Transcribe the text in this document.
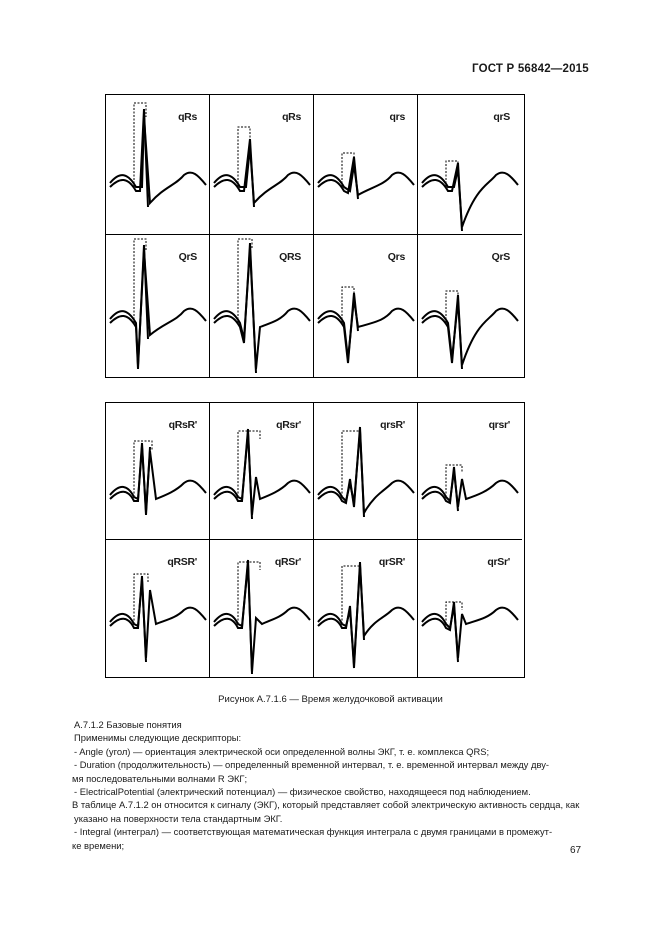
ГОСТ Р 56842—2015
qRs	qRs	qrs	qrS
QrS	QRS	Qrs	QrS
qRsR'	qRsr'	qrsR'	qrsr'
qRSR'	qRSr'	qrSR'	qrSr'
Рисунок А.7.1.6 — Время желудочковой активации

А.7.1.2 Базовые понятия

Применимы следующие дескрипторы:

- Angle (угол) — ориентация электрической оси определенной волны ЭКГ, т. е. комплекса QRS;

- Duration (продолжительность) — определенный временной интервал, т. е. временной интервал между дву-

мя последовательными волнами R ЭКГ;

- ElectricalPotential (электрический потенциал) — физическое свойство, находящееся под наблюдением.

В таблице А.7.1.2 он относится к сигналу (ЭКГ), который представляет собой электрическую активность сердца, как

указано на поверхности тела стандартным ЭКГ.

- Integral (интеграл) — соответствующая математическая функция интеграла с двумя границами в промежут-

ке времени;	67
